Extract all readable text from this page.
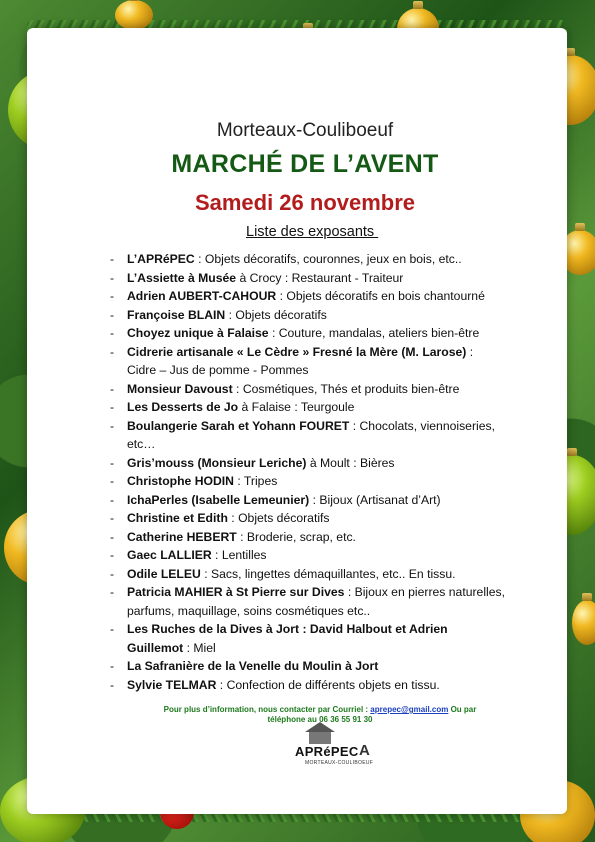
Morteaux-Couliboeuf
MARCHÉ DE L’AVENT
Samedi 26 novembre
Liste des exposants
- L’APRéPEC : Objets décoratifs, couronnes, jeux en bois, etc..
- L’Assiette à Musée à Crocy : Restaurant - Traiteur
- Adrien AUBERT-CAHOUR : Objets décoratifs en bois chantourné
- Françoise BLAIN : Objets décoratifs
- Choyez unique à Falaise : Couture, mandalas, ateliers bien-être
- Cidrerie artisanale « Le Cèdre » Fresné la Mère (M. Larose) : Cidre – Jus de pomme - Pommes
- Monsieur Davoust : Cosmétiques, Thés et produits bien-être
- Les Desserts de Jo à Falaise : Teurgoule
- Boulangerie Sarah et Yohann FOURET : Chocolats, viennoiseries, etc…
- Gris’mouss (Monsieur Leriche) à Moult : Bières
- Christophe HODIN : Tripes
- IchaPerles (Isabelle Lemeunier) : Bijoux (Artisanat d’Art)
- Christine et Edith : Objets décoratifs
- Catherine HEBERT : Broderie, scrap, etc.
- Gaec LALLIER : Lentilles
- Odile LELEU : Sacs, lingettes démaquillantes, etc.. En tissu.
- Patricia MAHIER à St Pierre sur Dives : Bijoux en pierres naturelles, parfums, maquillage, soins cosmétiques etc..
- Les Ruches de la Dives à Jort : David Halbout et Adrien Guillemot : Miel
- La Safranière de la Venelle du Moulin à Jort
- Sylvie TELMAR : Confection de différents objets en tissu.
Pour plus d’information, nous contacter par Courriel : aprepec@gmail.com Ou par téléphone au 06 36 55 91 30
APRéPEC
MORTEAUX-COULIBOEUF
A
